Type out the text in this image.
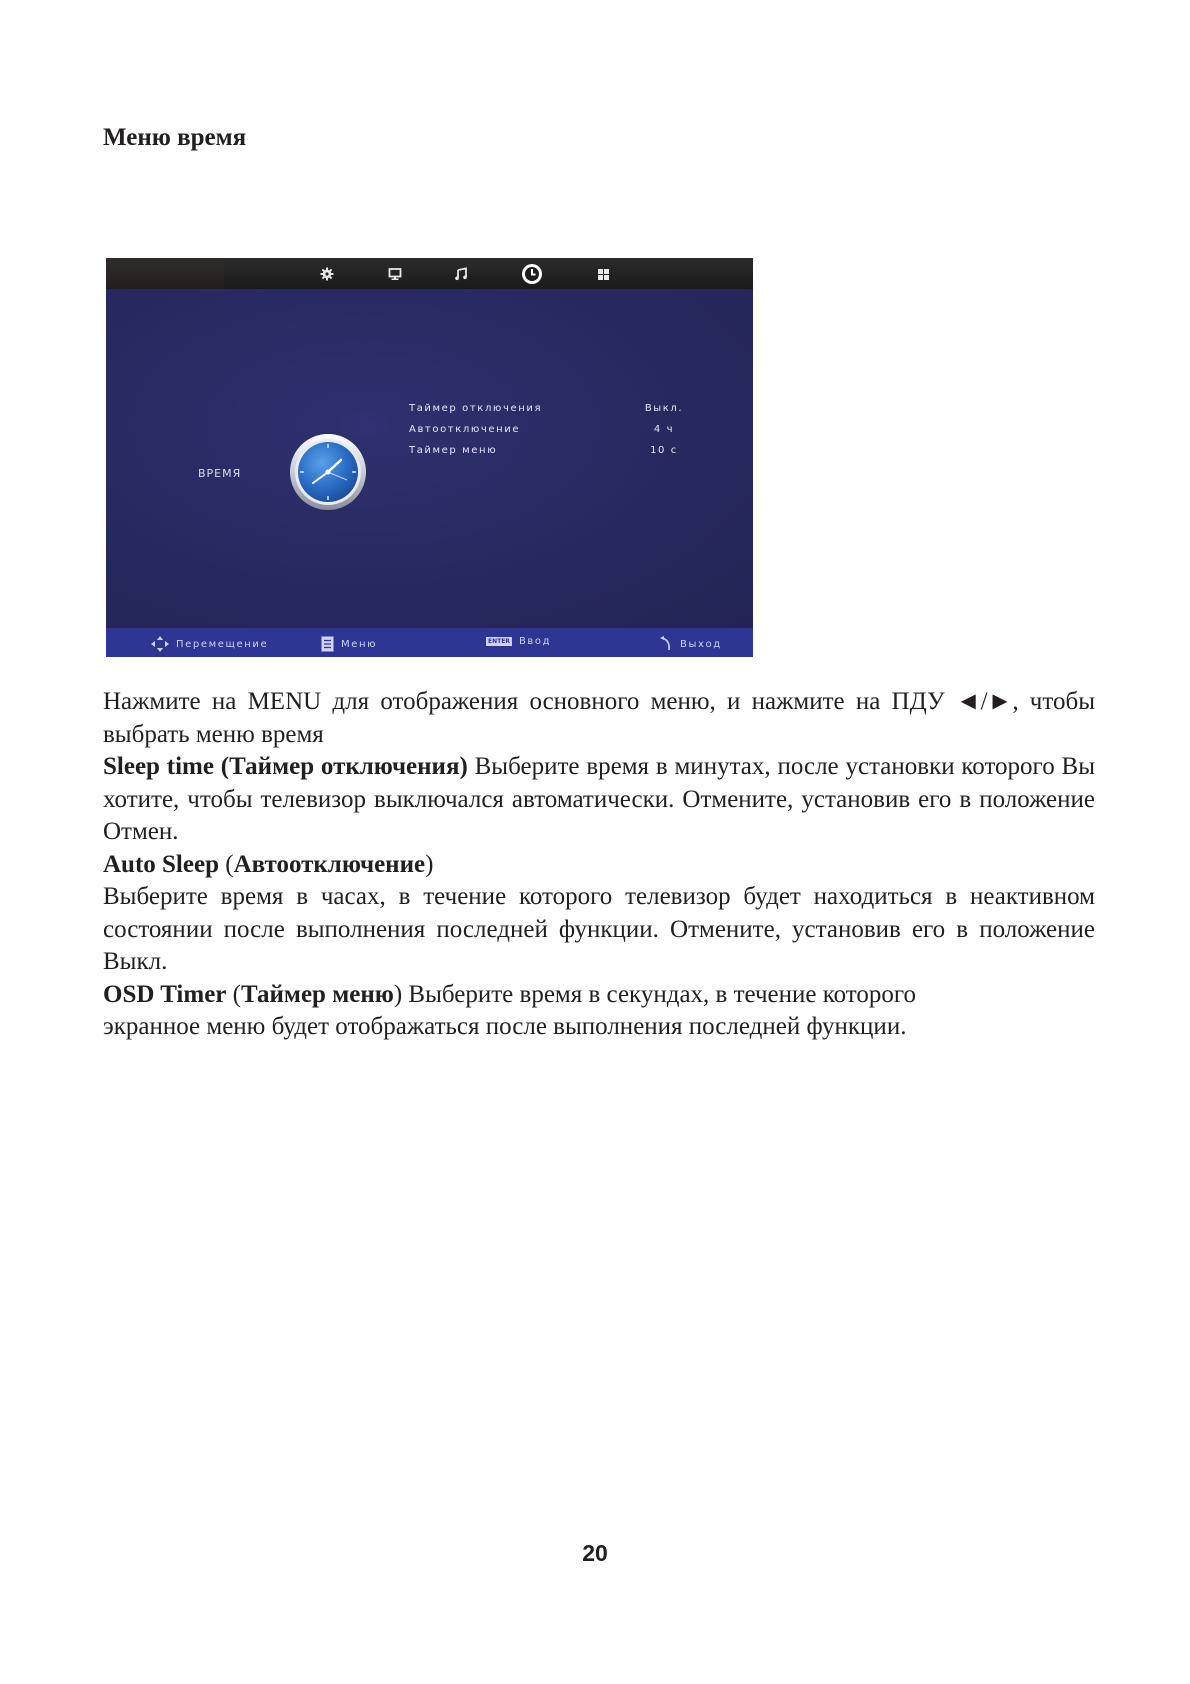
Меню время
ВРЕМЯ
Таймер отключения	Выкл.
Автоотключение	4 ч
Таймер меню	10 с
Перемещение	Меню	ENTER Ввод	Выход

Нажмите на MENU для отображения основного меню, и нажмите на ПДУ ◄/►, чтобы выбрать меню время

Sleep time (Таймер отключения) Выберите время в минутах, после установки которого Вы хотите, чтобы телевизор выключался автоматически. Отмените, установив его в положение Отмен.

Auto Sleep (Автоотключение)

Выберите время в часах, в течение которого телевизор будет находиться в неактивном состоянии после выполнения последней функции. Отмените, установив его в положение Выкл.

OSD Timer (Таймер меню) Выберите время в секундах, в течение которого
экранное меню будет отображаться после выполнения последней функции.

20
